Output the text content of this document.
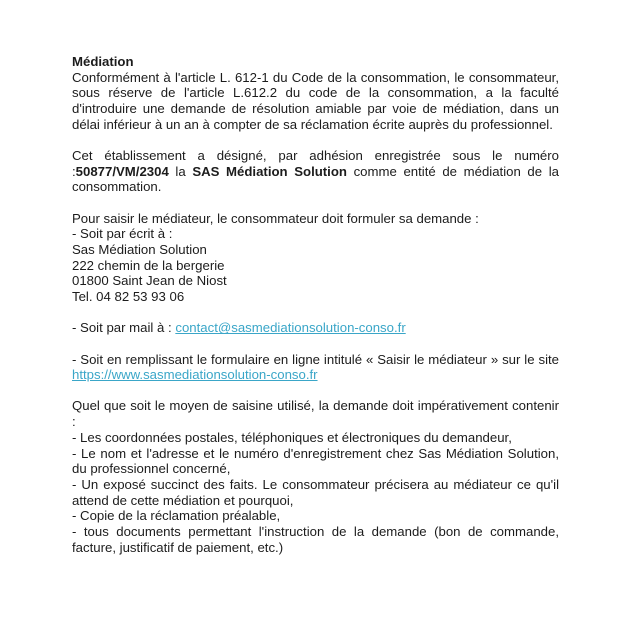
Médiation

Conformément à l'article L. 612-1 du Code de la consommation, le consommateur, sous réserve de l'article L.612.2 du code de la consommation, a la faculté d'introduire une demande de résolution amiable par voie de médiation, dans un délai inférieur à un an à compter de sa réclamation écrite auprès du professionnel.

Cet établissement a désigné, par adhésion enregistrée sous le numéro :50877/VM/2304 la SAS Médiation Solution comme entité de médiation de la consommation.

Pour saisir le médiateur, le consommateur doit formuler sa demande :

- Soit par écrit à :
Sas Médiation Solution
222 chemin de la bergerie
01800 Saint Jean de Niost
Tel. 04 82 53 93 06

- Soit par mail à : contact@sasmediationsolution-conso.fr

- Soit en remplissant le formulaire en ligne intitulé « Saisir le médiateur » sur le site https://www.sasmediationsolution-conso.fr

Quel que soit le moyen de saisine utilisé, la demande doit impérativement contenir :

- Les coordonnées postales, téléphoniques et électroniques du demandeur,

- Le nom et l'adresse et le numéro d'enregistrement chez Sas Médiation Solution, du professionnel concerné,

- Un exposé succinct des faits. Le consommateur précisera au médiateur ce qu'il attend de cette médiation et pourquoi,

- Copie de la réclamation préalable,

- tous documents permettant l'instruction de la demande (bon de commande, facture, justificatif de paiement, etc.)
